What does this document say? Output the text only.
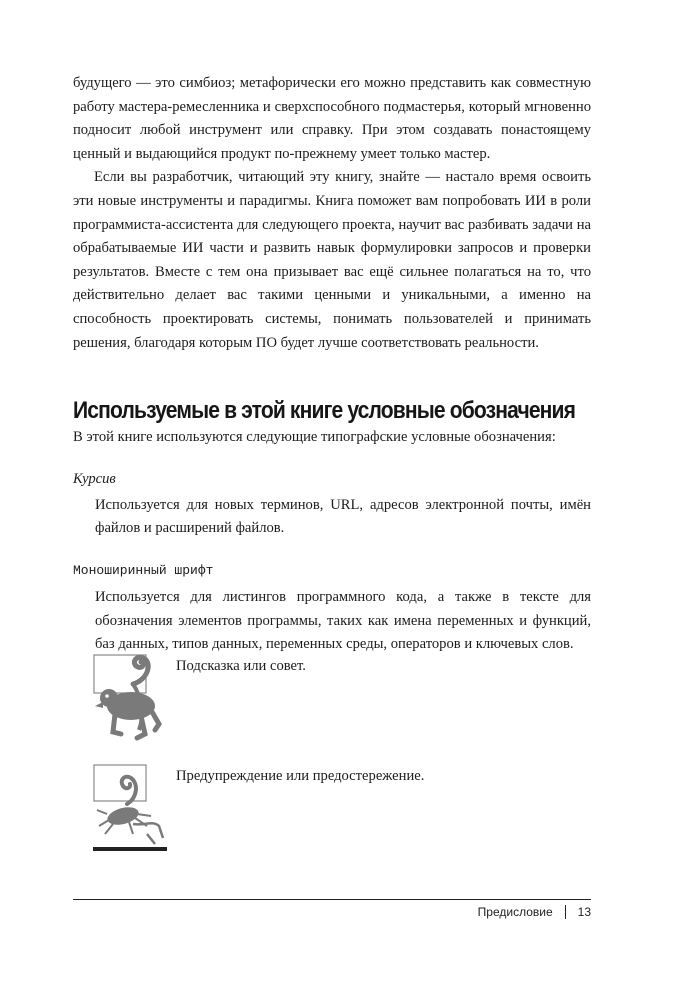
будущего — это симбиоз; метафорически его можно представить как совместную работу мастера-ремесленника и сверхспособного подмастерья, который мгновенно подносит любой инструмент или справку. При этом создавать понастоящему ценный и выдающийся продукт по-прежнему умеет только мастер.

Если вы разработчик, читающий эту книгу, знайте — настало время освоить эти новые инструменты и парадигмы. Книга поможет вам попробовать ИИ в роли программиста-ассистента для следующего проекта, научит вас разбивать задачи на обрабатываемые ИИ части и развить навык формулировки запросов и проверки результатов. Вместе с тем она призывает вас ещё сильнее полагаться на то, что действительно делает вас такими ценными и уникальными, а именно на способность проектировать системы, понимать пользователей и принимать решения, благодаря которым ПО будет лучше соответствовать реальности.

Используемые в этой книге условные обозначения

В этой книге используются следующие типографские условные обозначения:

Курсив
Используется для новых терминов, URL, адресов электронной почты, имён файлов и расширений файлов.
Моноширинный шрифт
Используется для листингов программного кода, а также в тексте для обозначения элементов программы, таких как имена переменных и функций, баз данных, типов данных, переменных среды, операторов и ключевых слов.
Подсказка или совет.
Предупреждение или предостережение.
Предисловие 13
